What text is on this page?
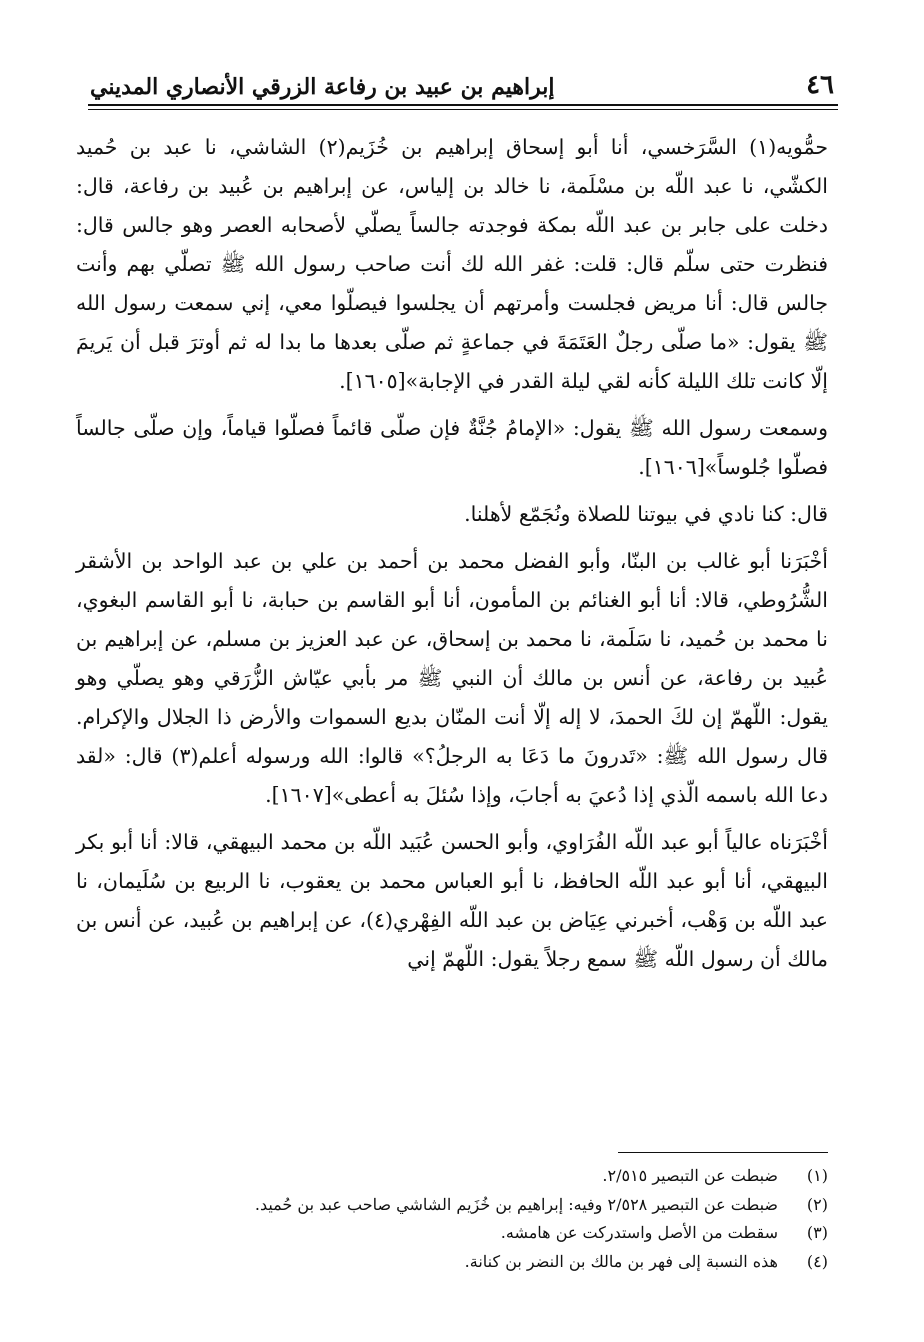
٤٦
إبراهيم بن عبيد بن رفاعة الزرقي الأنصاري المديني

حمُّويه(١) السَّرَخسي، أنا أبو إسحاق إبراهيم بن خُزَيم(٢) الشاشي، نا عبد بن حُميد الكشّي، نا عبد اللّه بن مسْلَمة، نا خالد بن إلياس، عن إبراهيم بن عُبيد بن رفاعة، قال: دخلت على جابر بن عبد اللّه بمكة فوجدته جالساً يصلّي لأصحابه العصر وهو جالس قال: فنظرت حتى سلّم قال: قلت: غفر الله لك أنت صاحب رسول الله ﷺ تصلّي بهم وأنت جالس قال: أنا مريض فجلست وأمرتهم أن يجلسوا فيصلّوا معي، إني سمعت رسول الله ﷺ يقول: «ما صلّى رجلٌ العَتَمَةَ في جماعةٍ ثم صلّى بعدها ما بدا له ثم أوترَ قبل أن يَريمَ إلّا كانت تلك الليلة كأنه لقي ليلة القدر في الإجابة»[١٦٠٥].

وسمعت رسول الله ﷺ يقول: «الإمامُ جُنَّةٌ فإن صلّى قائماً فصلّوا قياماً، وإن صلّى جالساً فصلّوا جُلوساً»[١٦٠٦].

قال: كنا نادي في بيوتنا للصلاة ونُجَمّع لأهلنا.

أخْبَرَنا أبو غالب بن البنّا، وأبو الفضل محمد بن أحمد بن علي بن عبد الواحد بن الأشقر الشُّرُوطي، قالا: أنا أبو الغنائم بن المأمون، أنا أبو القاسم بن حبابة، نا أبو القاسم البغوي، نا محمد بن حُميد، نا سَلَمة، نا محمد بن إسحاق، عن عبد العزيز بن مسلم، عن إبراهيم بن عُبيد بن رفاعة، عن أنس بن مالك أن النبي ﷺ مر بأبي عيّاش الزُّرَقي وهو يصلّي وهو يقول: اللّهمّ إن لكَ الحمدَ، لا إله إلّا أنت المنّان بديع السموات والأرض ذا الجلال والإكرام. قال رسول الله ﷺ: «تَدرونَ ما دَعَا به الرجلُ؟» قالوا: الله ورسوله أعلم(٣) قال: «لقد دعا الله باسمه الّذي إذا دُعيَ به أجابَ، وإذا سُئلَ به أعطى»[١٦٠٧].

أخْبَرَناه عالياً أبو عبد اللّه الفُرَاوي، وأبو الحسن عُبَيد اللّه بن محمد البيهقي، قالا: أنا أبو بكر البيهقي، أنا أبو عبد اللّه الحافظ، نا أبو العباس محمد بن يعقوب، نا الربيع بن سُلَيمان، نا عبد اللّه بن وَهْب، أخبرني عِيَاض بن عبد اللّه الفِهْري(٤)، عن إبراهيم بن عُبيد، عن أنس بن مالك أن رسول اللّه ﷺ سمع رجلاً يقول: اللّهمّ إني

(١)
ضبطت عن التبصير ٢/٥١٥.
(٢)
ضبطت عن التبصير ٢/٥٢٨ وفيه: إبراهيم بن خُزَيم الشاشي صاحب عبد بن حُميد.
(٣)
سقطت من الأصل واستدركت عن هامشه.
(٤)
هذه النسبة إلى فهر بن مالك بن النضر بن كنانة.
